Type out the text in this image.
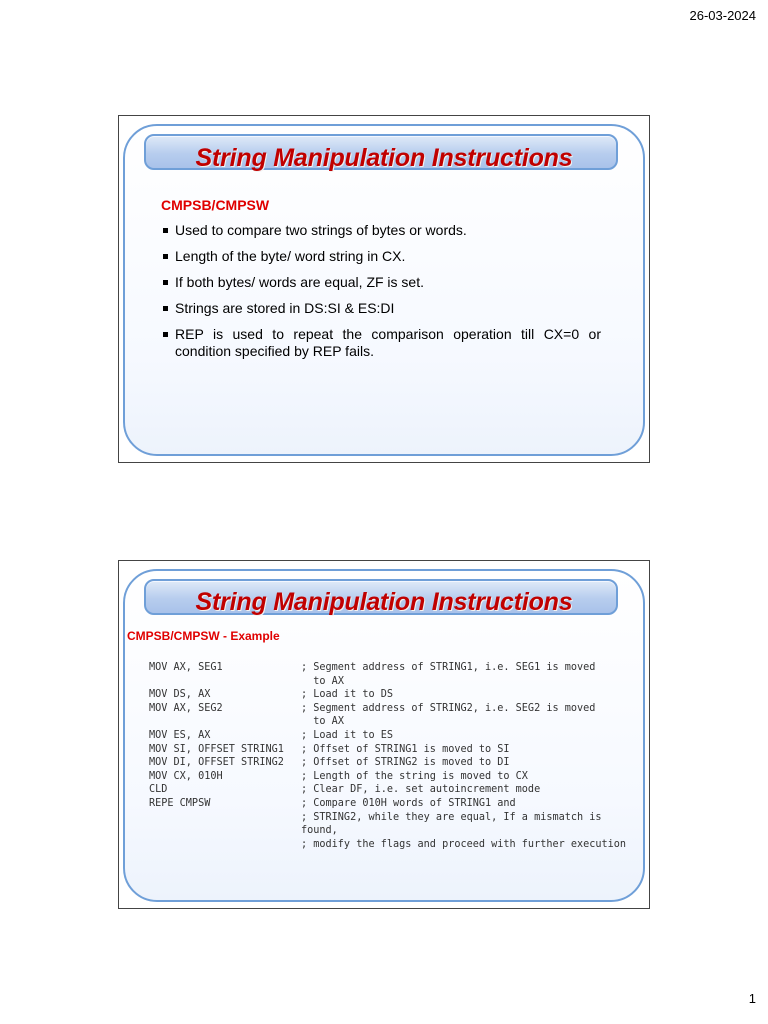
26-03-2024
String Manipulation Instructions
CMPSB/CMPSW
Used to compare two strings of bytes or words.
Length of the byte/ word string in CX.
If both bytes/ words are equal, ZF is set.
Strings are stored in DS:SI & ES:DI
REP is used to repeat the comparison operation till CX=0 or condition specified by REP fails.
String Manipulation Instructions
CMPSB/CMPSW - Example
MOV AX, SEG1	; Segment address of STRING1, i.e. SEG1 is moved
to AX
MOV DS, AX	; Load it to DS
MOV AX, SEG2	; Segment address of STRING2, i.e. SEG2 is moved
to AX
MOV ES, AX	; Load it to ES
MOV SI, OFFSET STRING1	; Offset of STRING1 is moved to SI
MOV DI, OFFSET STRING2	; Offset of STRING2 is moved to DI
MOV CX, 010H	; Length of the string is moved to CX
CLD	; Clear DF, i.e. set autoincrement mode
REPE CMPSW	; Compare 010H words of STRING1 and
; STRING2, while they are equal, If a mismatch is found,
; modify the flags and proceed with further execution
1
